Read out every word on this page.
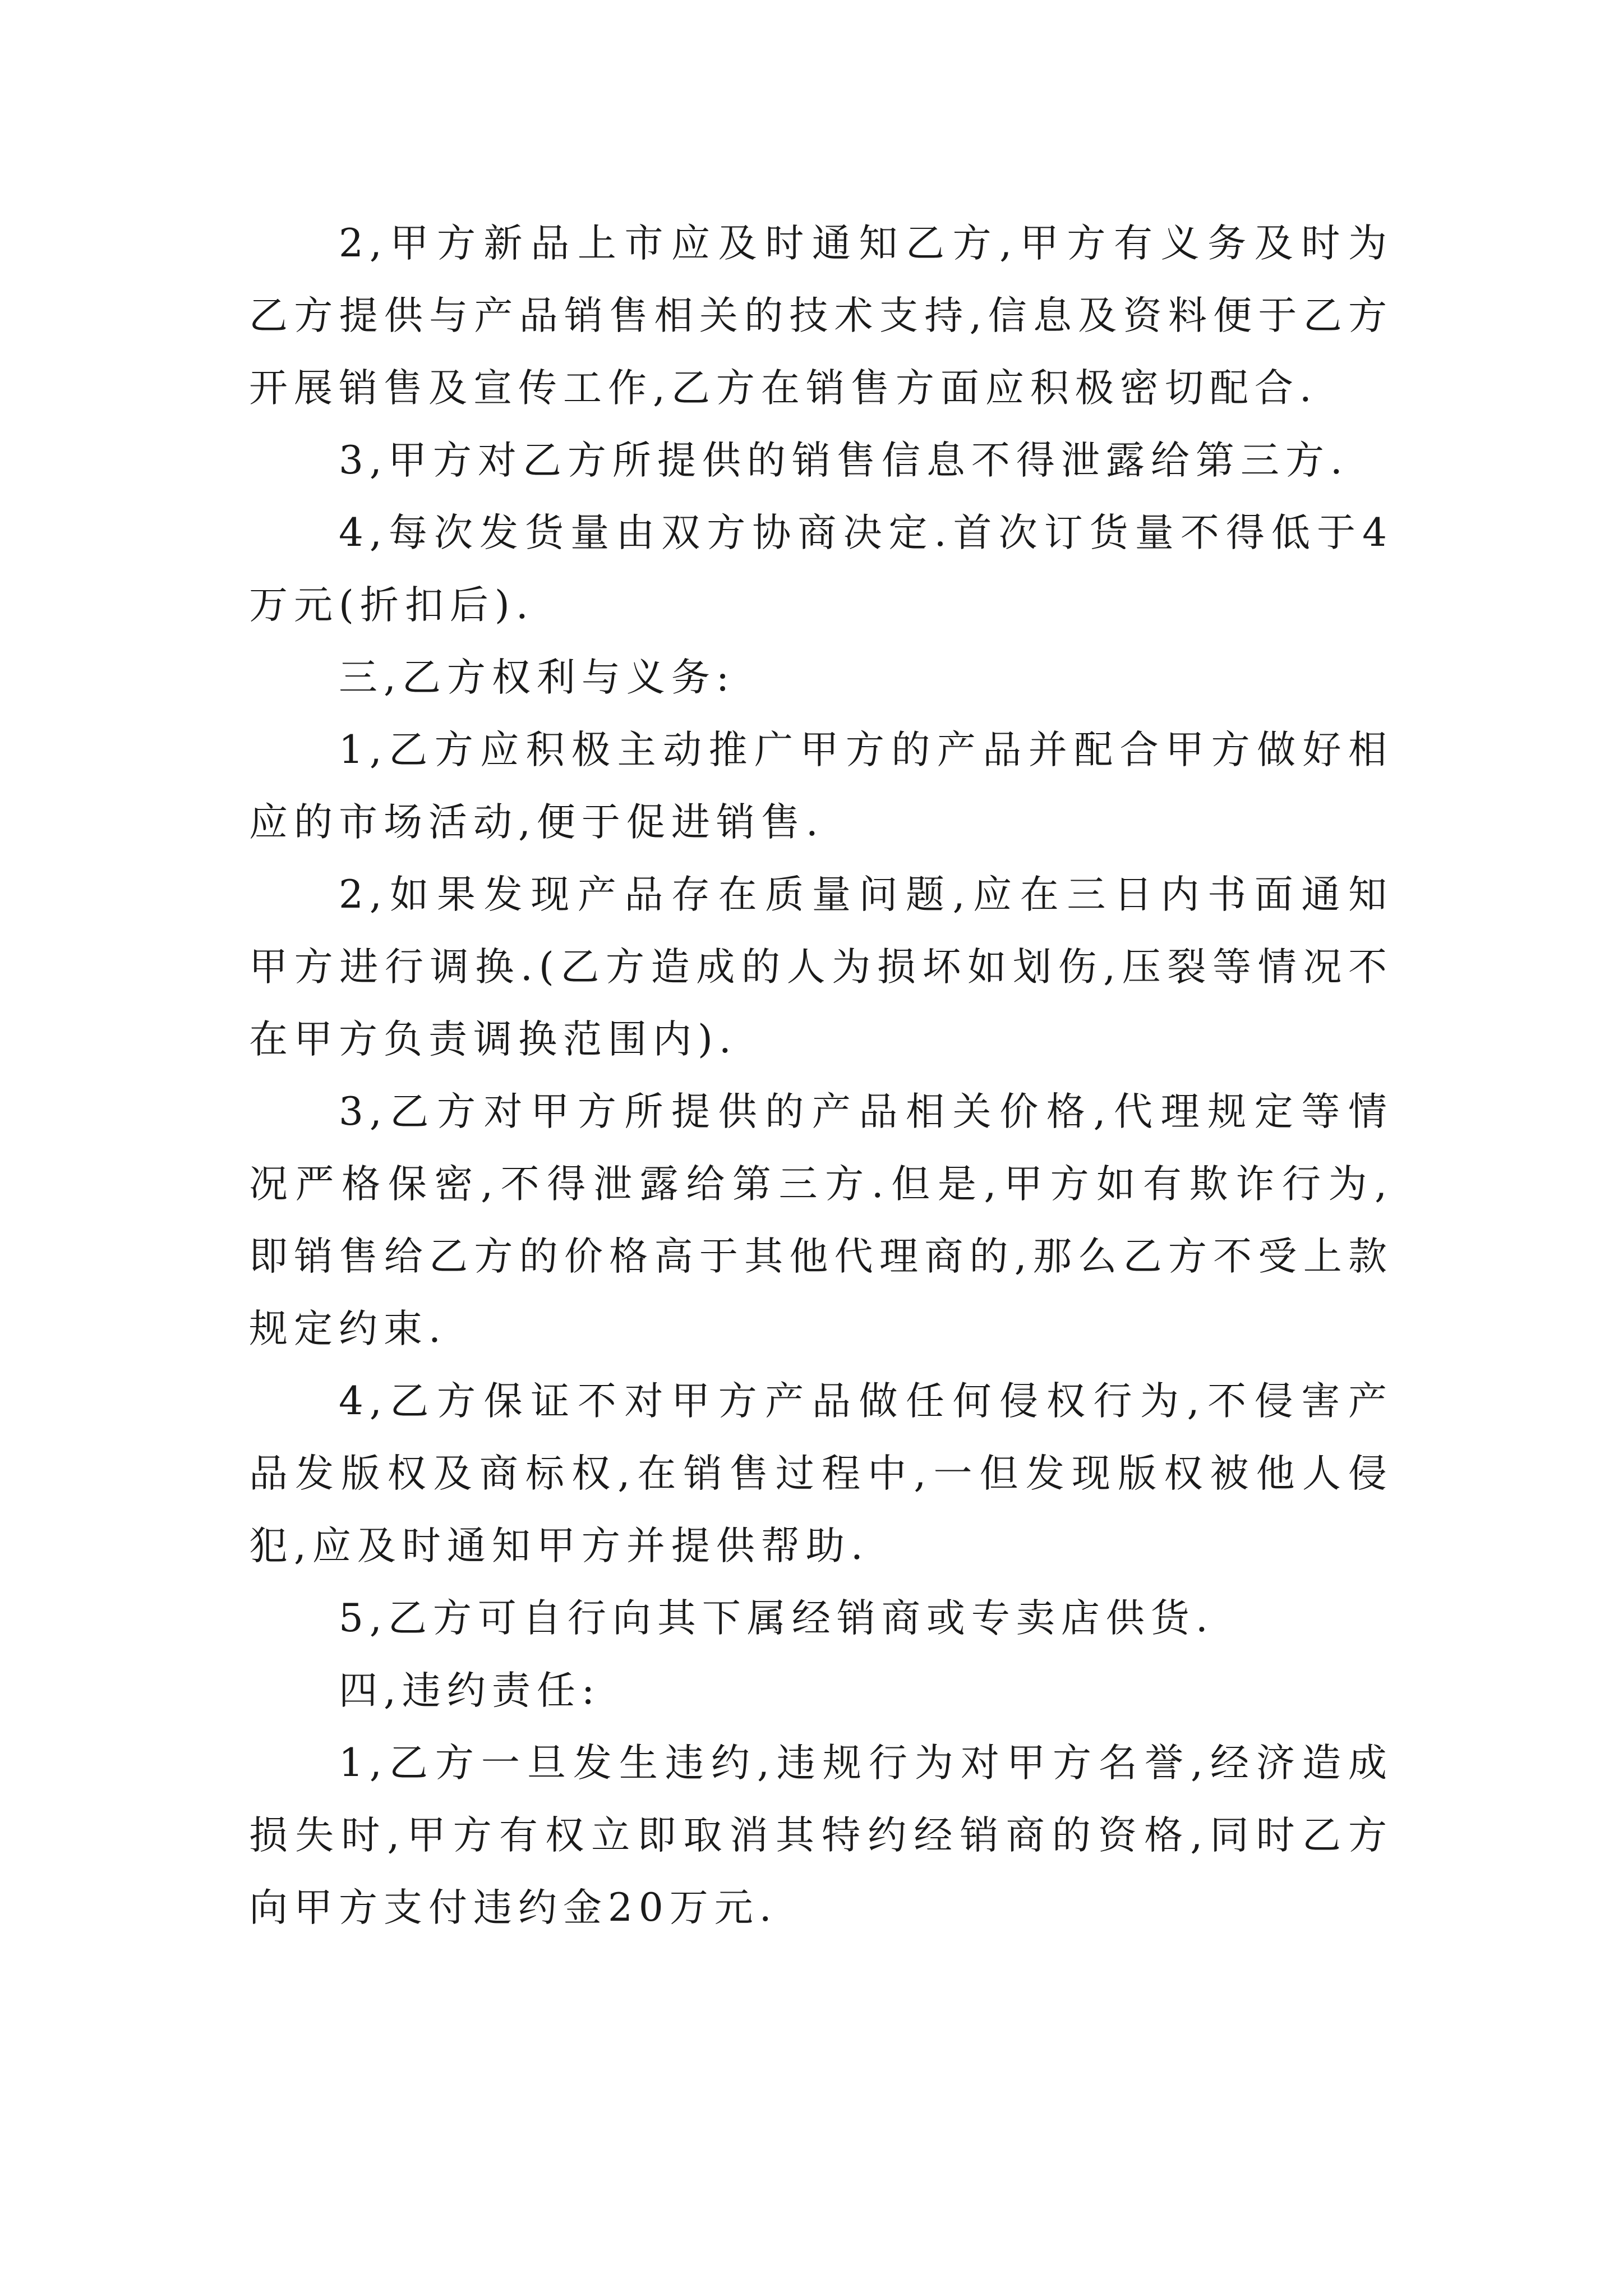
2,甲方新品上市应及时通知乙方,甲方有义务及时为乙方提供与产品销售相关的技术支持,信息及资料便于乙方开展销售及宣传工作,乙方在销售方面应积极密切配合.

3,甲方对乙方所提供的销售信息不得泄露给第三方.

4,每次发货量由双方协商决定.首次订货量不得低于4万元(折扣后).

三,乙方权利与义务:

1,乙方应积极主动推广甲方的产品并配合甲方做好相应的市场活动,便于促进销售.

2,如果发现产品存在质量问题,应在三日内书面通知甲方进行调换.(乙方造成的人为损坏如划伤,压裂等情况不在甲方负责调换范围内).

3,乙方对甲方所提供的产品相关价格,代理规定等情况严格保密,不得泄露给第三方.但是,甲方如有欺诈行为,即销售给乙方的价格高于其他代理商的,那么乙方不受上款规定约束.

4,乙方保证不对甲方产品做任何侵权行为,不侵害产品发版权及商标权,在销售过程中,一但发现版权被他人侵犯,应及时通知甲方并提供帮助.

5,乙方可自行向其下属经销商或专卖店供货.

四,违约责任:

1,乙方一旦发生违约,违规行为对甲方名誉,经济造成损失时,甲方有权立即取消其特约经销商的资格,同时乙方向甲方支付违约金20万元.
